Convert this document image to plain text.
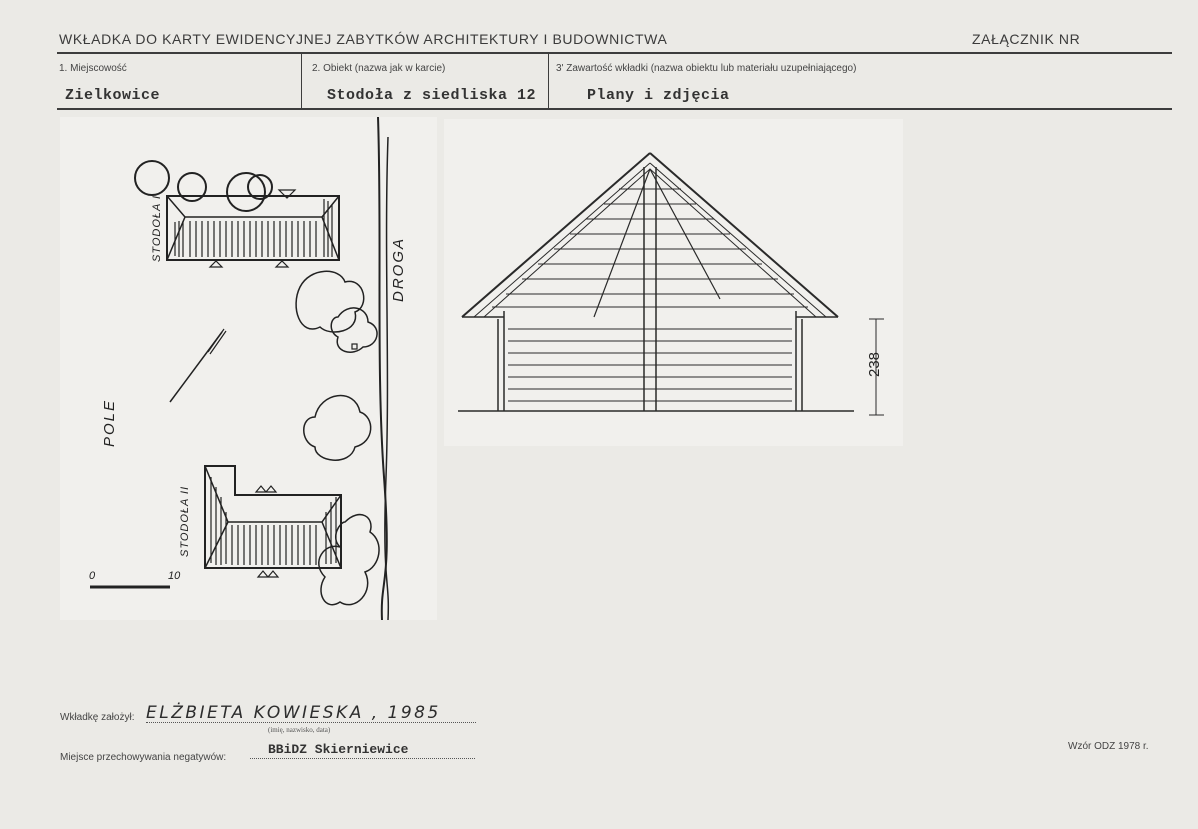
WKŁADKA DO KARTY EWIDENCYJNEJ ZABYTKÓW ARCHITEKTURY I BUDOWNICTWA	ZAŁĄCZNIK NR
1. Miejscowość
Zielkowice
2. Obiekt (nazwa jak w karcie)
Stodoła z siedliska 12
3' Zawartość wkładki (nazwa obiektu lub materiału uzupełniającego)
Plany i zdjęcia
0	10
DROGA
POLE
STODOŁA I
STODOŁA II
238
Wkładkę założył: ELŻBIETA KOWIESKA , 1985
(imię, nazwisko, data)
Miejsce przechowywania negatywów:
BBiDZ Skierniewice	Wzór ODZ 1978 r.
